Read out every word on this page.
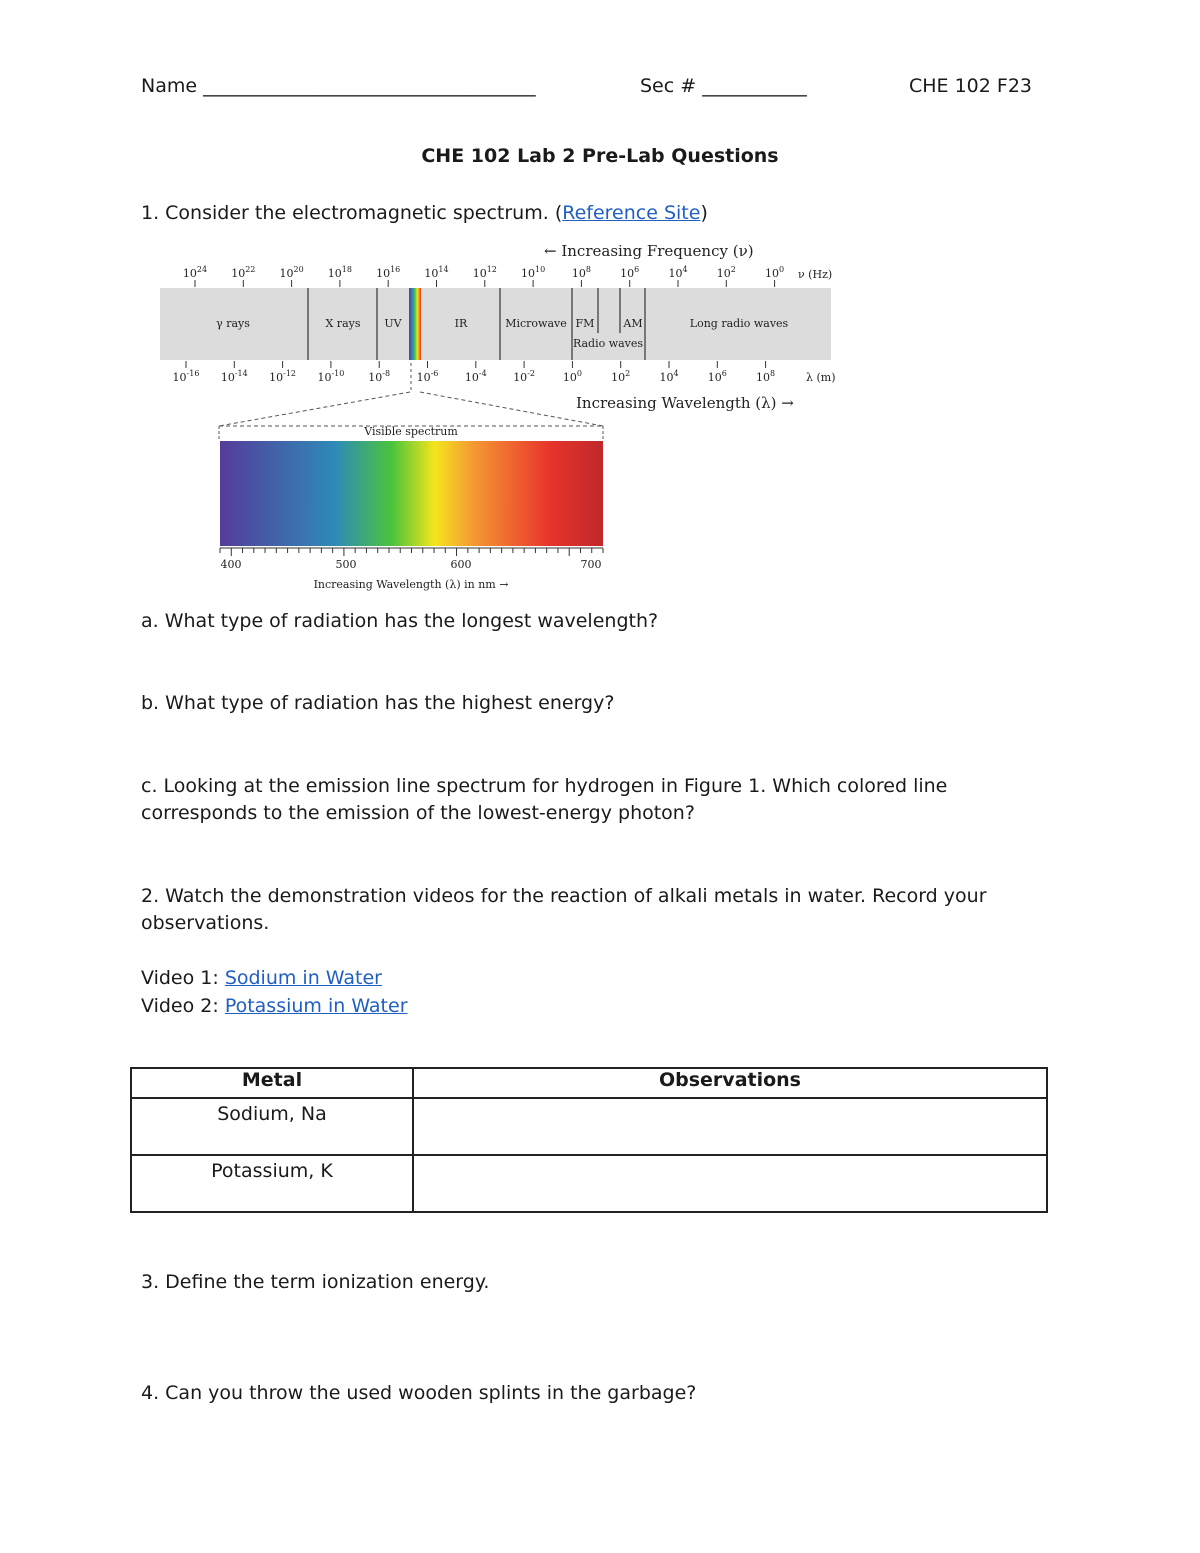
Name ___________________________________	Sec # ___________	CHE 102 F23
CHE 102 Lab 2 Pre-Lab Questions
1. Consider the electromagnetic spectrum. (Reference Site)
← Increasing Frequency (ν)
$10^{24}$ $10^{22}$ $10^{20}$ $10^{18}$ $10^{16}$ $10^{14}$ $10^{12}$ $10^{10}$ $10^8$	$10^6$	$10^4$	$10^2$	$10^0$ ν (Hz)
γ rays	X rays UV	IR	Microwave FM	AM
Radio waves
Long radio waves
$10^{-16}$ $10^{-14}$ $10^{-12}$ $10^{-10}$ $10^{-8}$ $10^{-6}$ $10^{-4}$ $10^{-2}$	$10^0$	$10^2$	$10^4$	$10^6$	$10^8$	λ (m)
Increasing Wavelength (λ) →
Visible spectrum
400	500	600	700
Increasing Wavelength (λ) in nm →
a. What type of radiation has the longest wavelength?
b. What type of radiation has the highest energy?
c. Looking at the emission line spectrum for hydrogen in Figure 1. Which colored line corresponds to the emission of the lowest-energy photon?
2. Watch the demonstration videos for the reaction of alkali metals in water. Record your observations.
Video 1: Sodium in Water
Video 2: Potassium in Water
Metal	Observations
Sodium, Na	
Potassium, K	
3. Define the term ionization energy.
4. Can you throw the used wooden splints in the garbage?
